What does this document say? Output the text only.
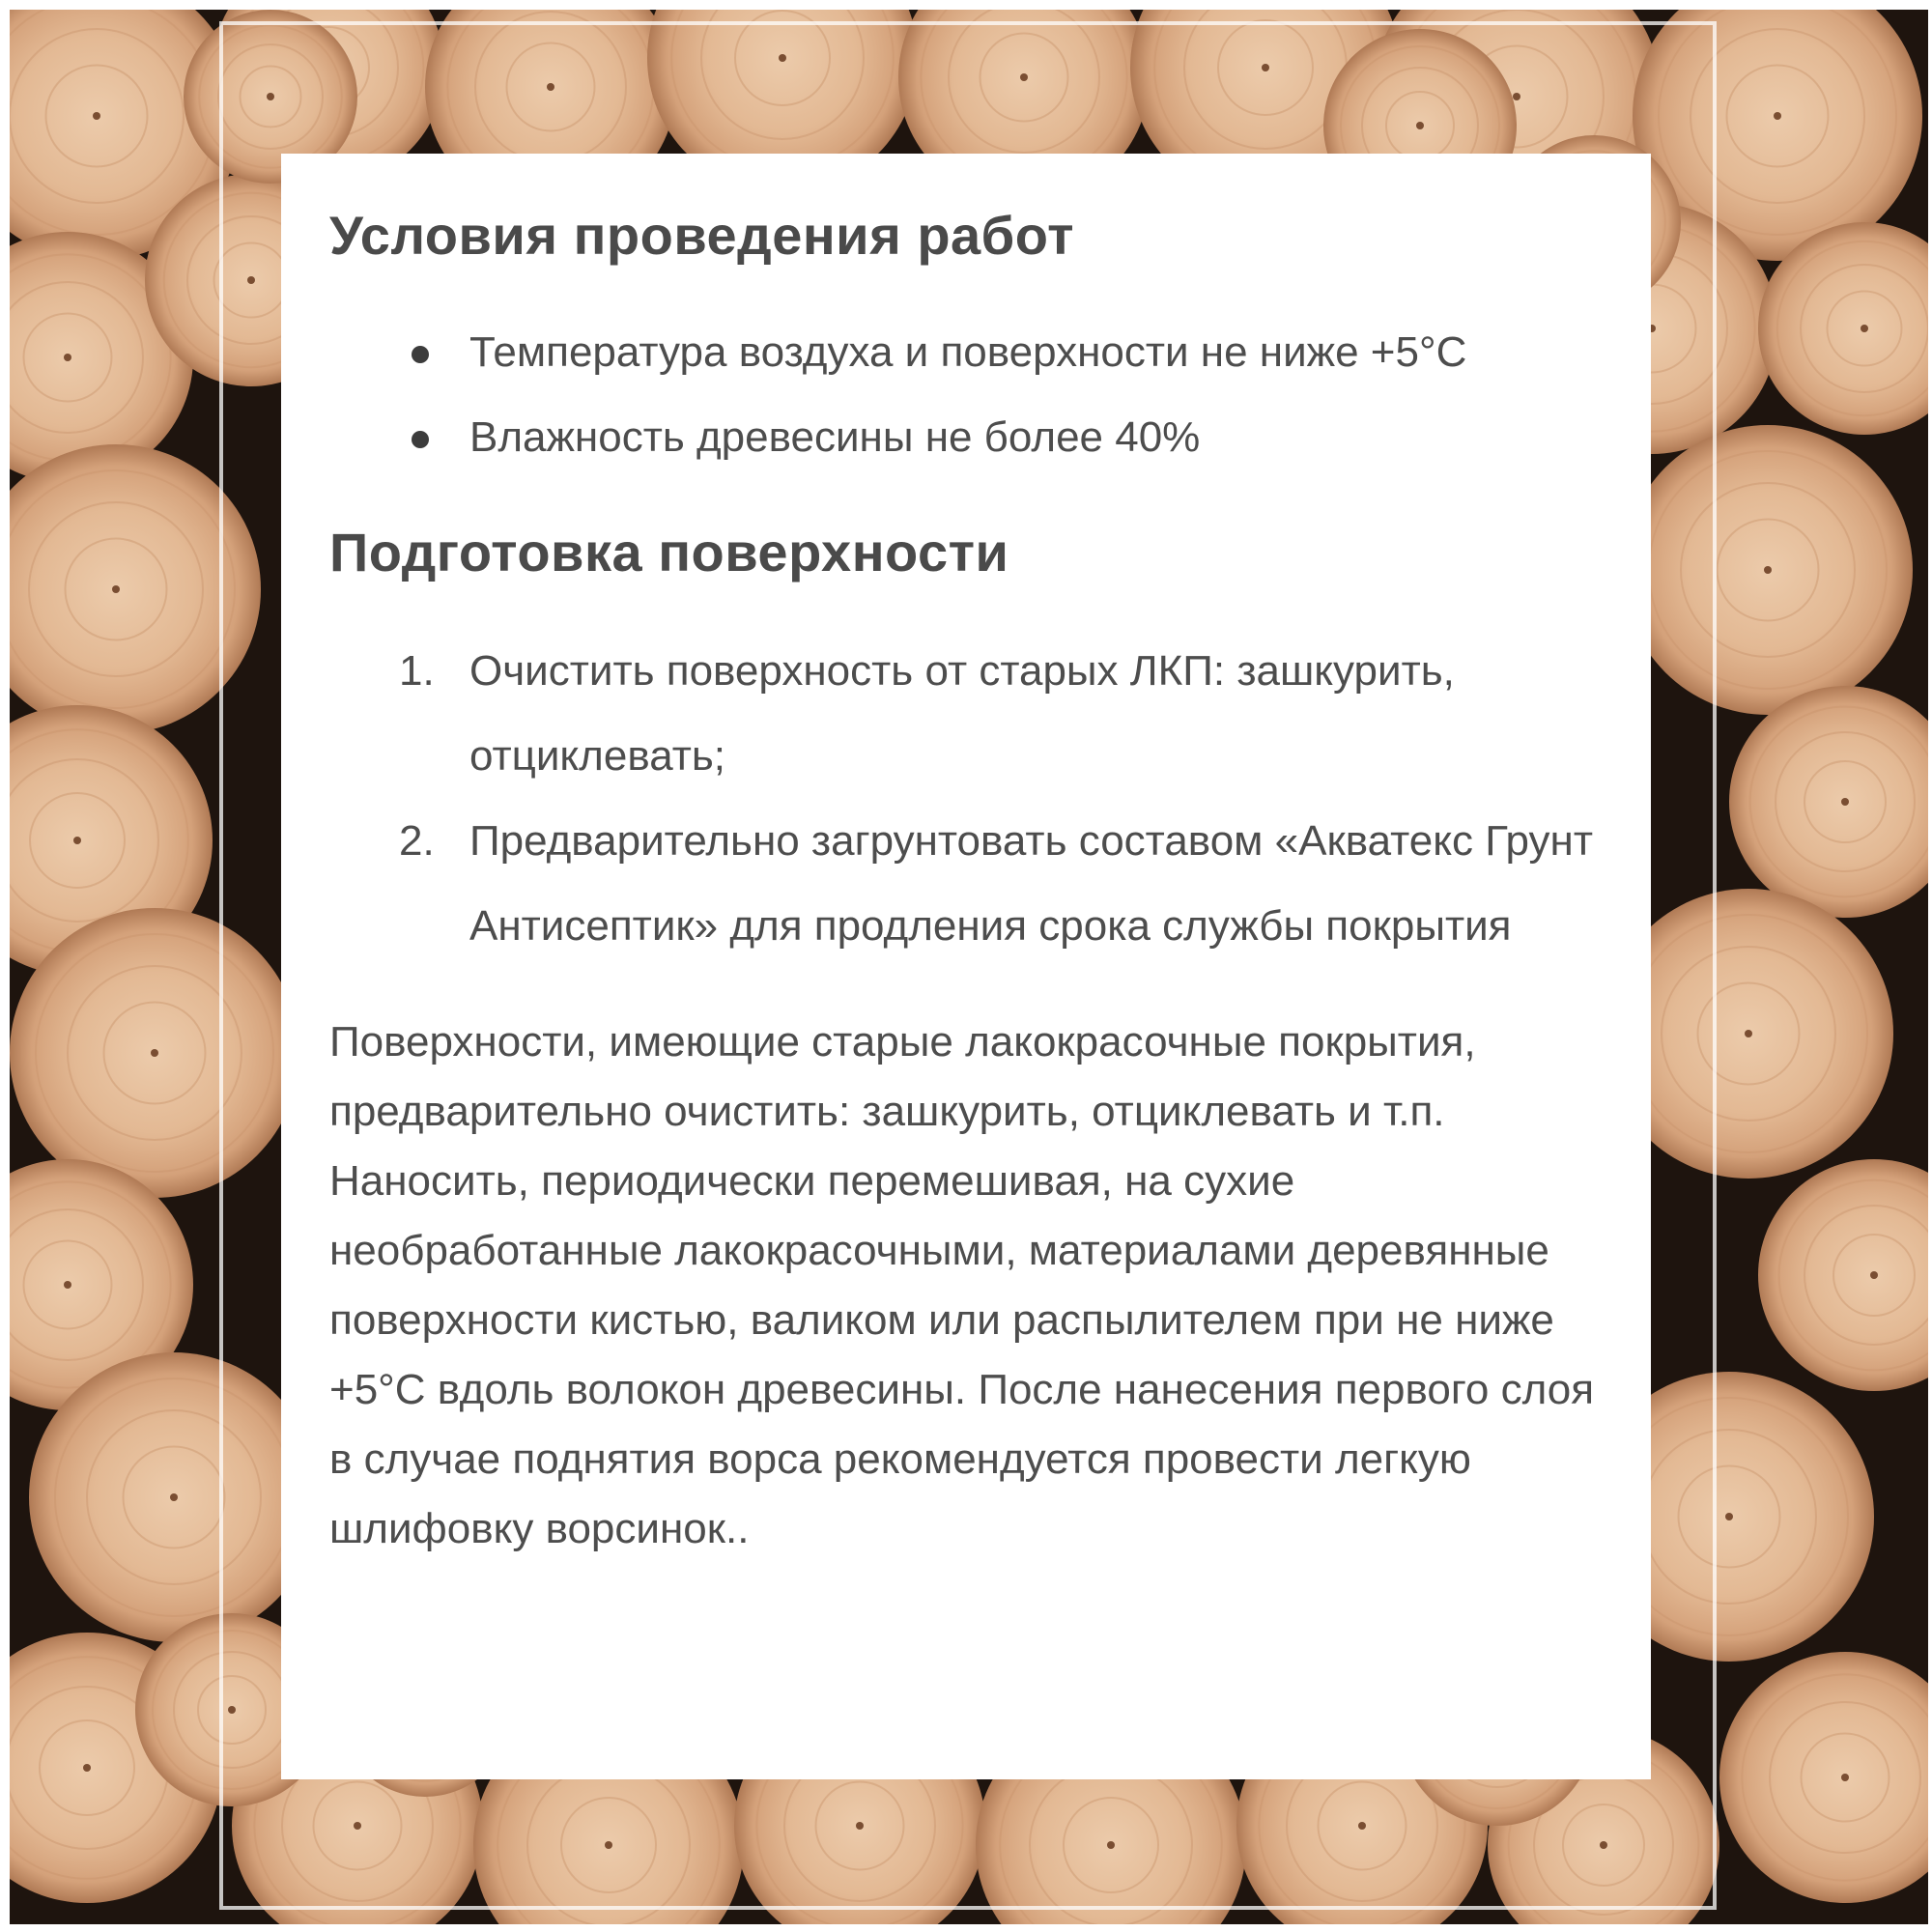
Условия проведения работ
Температура воздуха и поверхности не ниже +5°С
Влажность древесины не более 40%
Подготовка поверхности
1. Очистить поверхность от старых ЛКП: зашкурить, отциклевать;
2. Предварительно загрунтовать составом «Акватекс Грунт Антисептик» для продления срока службы покрытия

Поверхности, имеющие старые лакокрасочные покрытия, предварительно очистить: зашкурить, отциклевать и т.п. Наносить, периодически перемешивая, на сухие необработанные лакокрасочными, материалами деревянные поверхности кистью, валиком или распылителем при не ниже +5°С вдоль волокон древесины. После нанесения первого слоя в случае поднятия ворса рекомендуется провести легкую шлифовку ворсинок..
